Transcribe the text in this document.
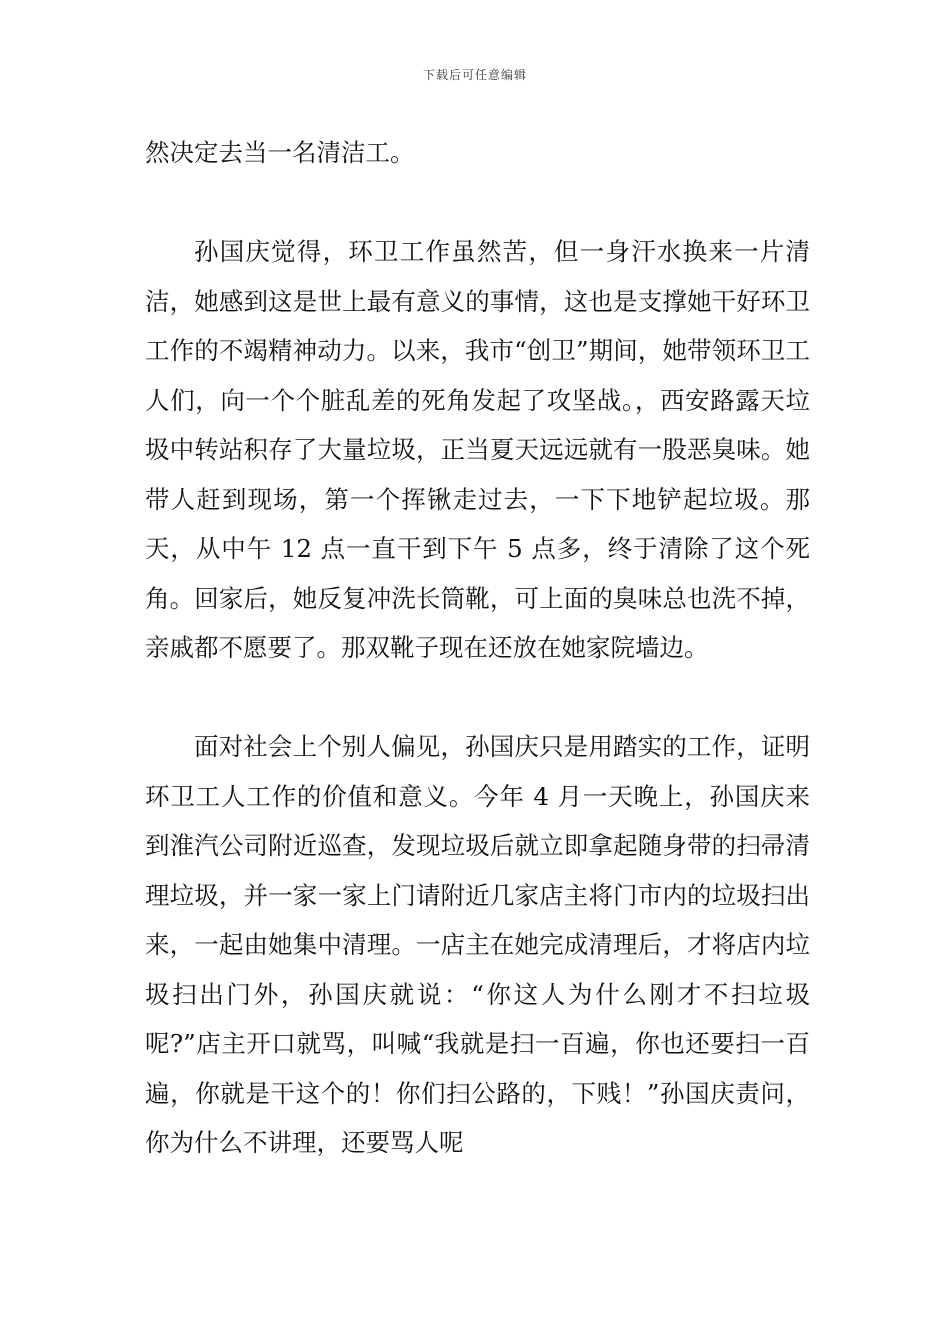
下载后可任意编辑

然决定去当一名清洁工。

孙国庆觉得，环卫工作虽然苦，但一身汗水换来一片清洁，她感到这是世上最有意义的事情，这也是支撑她干好环卫工作的不竭精神动力。以来，我市“创卫”期间，她带领环卫工人们，向一个个脏乱差的死角发起了攻坚战。，西安路露天垃圾中转站积存了大量垃圾，正当夏天远远就有一股恶臭味。她带人赶到现场，第一个挥锹走过去，一下下地铲起垃圾。那天，从中午 12 点一直干到下午 5 点多，终于清除了这个死角。回家后，她反复冲洗长筒靴，可上面的臭味总也洗不掉，亲戚都不愿要了。那双靴子现在还放在她家院墙边。

面对社会上个别人偏见，孙国庆只是用踏实的工作，证明环卫工人工作的价值和意义。今年 4 月一天晚上，孙国庆来到淮汽公司附近巡查，发现垃圾后就立即拿起随身带的扫帚清理垃圾，并一家一家上门请附近几家店主将门市内的垃圾扫出来，一起由她集中清理。一店主在她完成清理后，才将店内垃圾扫出门外，孙国庆就说：“你这人为什么刚才不扫垃圾呢?”店主开口就骂，叫喊“我就是扫一百遍，你也还要扫一百遍，你就是干这个的！你们扫公路的，下贱！”孙国庆责问，你为什么不讲理，还要骂人呢
